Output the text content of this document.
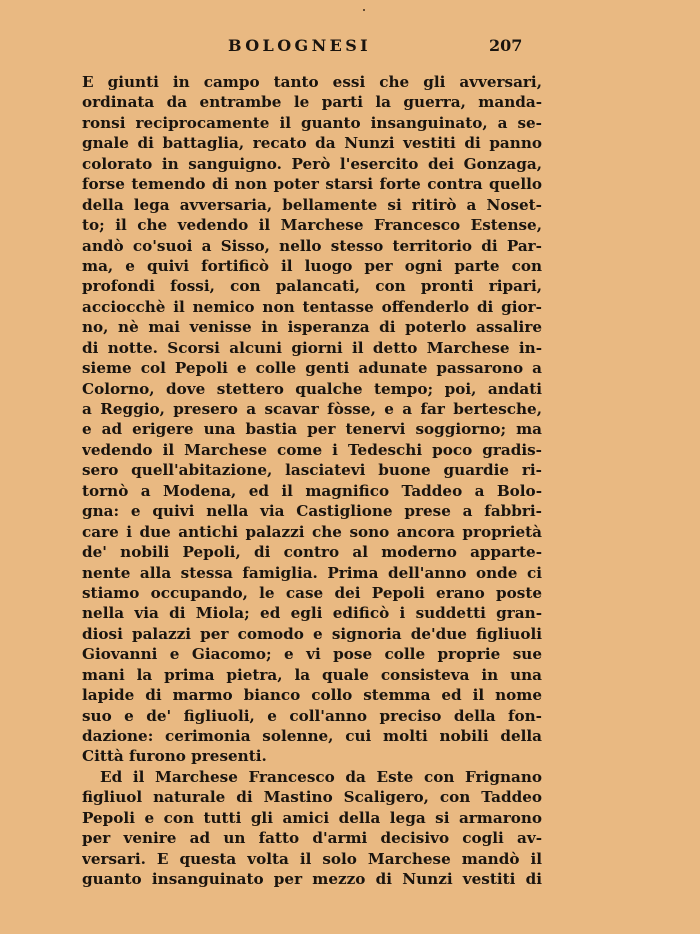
BOLOGNESI	207
E giunti in campo tanto essi che gli avversari,
ordinata da entrambe le parti la guerra, manda-
ronsi reciprocamente il guanto insanguinato, a se-
gnale di battaglia, recato da Nunzi vestiti di panno
colorato in sanguigno. Però l'esercito dei Gonzaga,
forse temendo di non poter starsi forte contra quello
della lega avversaria, bellamente si ritirò a Noset-
to; il che vedendo il Marchese Francesco Estense,
andò co'suoi a Sisso, nello stesso territorio di Par-
ma, e quivi fortificò il luogo per ogni parte con
profondi fossi, con palancati, con pronti ripari,
acciocchè il nemico non tentasse offenderlo di gior-
no, nè mai venisse in isperanza di poterlo assalire
di notte. Scorsi alcuni giorni il detto Marchese in-
sieme col Pepoli e colle genti adunate passarono a
Colorno, dove stettero qualche tempo; poi, andati
a Reggio, presero a scavar fòsse, e a far bertesche,
e ad erigere una bastia per tenervi soggiorno; ma
vedendo il Marchese come i Tedeschi poco gradis-
sero quell'abitazione, lasciatevi buone guardie ri-
tornò a Modena, ed il magnifico Taddeo a Bolo-
gna: e quivi nella via Castiglione prese a fabbri-
care i due antichi palazzi che sono ancora proprietà
de' nobili Pepoli, di contro al moderno apparte-
nente alla stessa famiglia. Prima dell'anno onde ci
stiamo occupando, le case dei Pepoli erano poste
nella via di Miola; ed egli edificò i suddetti gran-
diosi palazzi per comodo e signoria de'due figliuoli
Giovanni e Giacomo; e vi pose colle proprie sue
mani la prima pietra, la quale consisteva in una
lapide di marmo bianco collo stemma ed il nome
suo e de' figliuoli, e coll'anno preciso della fon-
dazione: cerimonia solenne, cui molti nobili della
Città furono presenti.
Ed il Marchese Francesco da Este con Frignano
figliuol naturale di Mastino Scaligero, con Taddeo
Pepoli e con tutti gli amici della lega si armarono
per venire ad un fatto d'armi decisivo cogli av-
versari. E questa volta il solo Marchese mandò il
guanto insanguinato per mezzo di Nunzi vestiti di
